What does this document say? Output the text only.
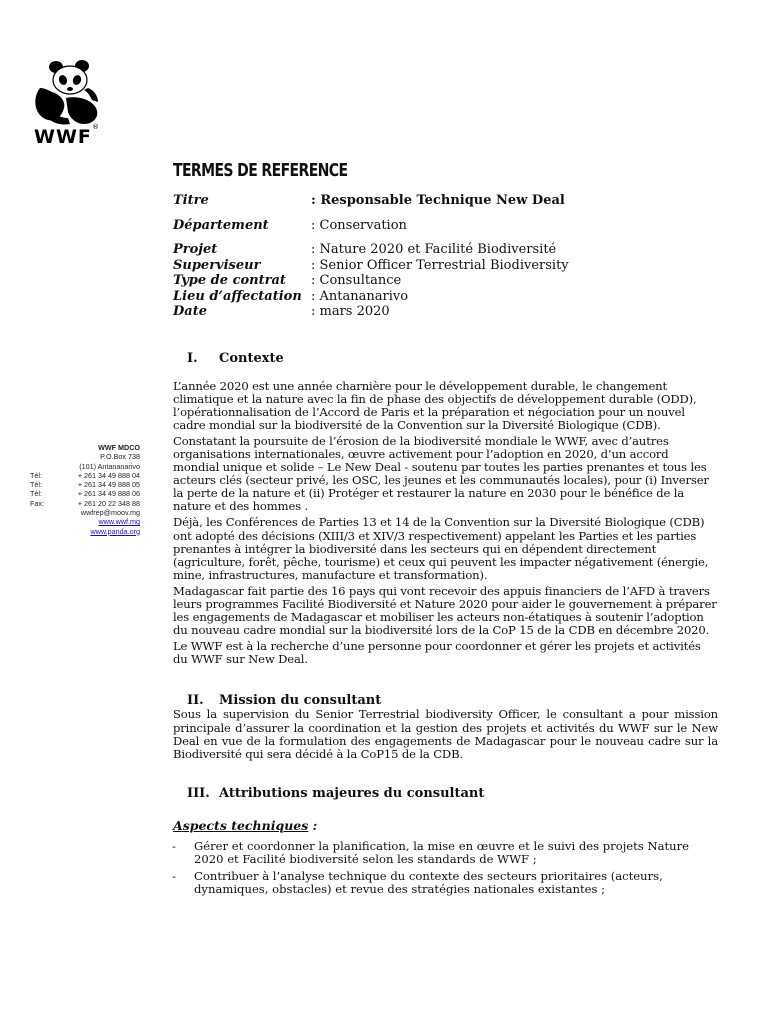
WWF ®
WWF MDCO
P.O.Box 738
(101) Antananarivo
Tél:	+ 261 34 49 888 04
Tél:	+ 261 34 49 888 05
Tél:	+ 261 34 49 888 06
Fax:	+ 261 20 22 348 88
wwfrep@moov.mg
www.wwf.mg
www.panda.org
TERMES DE REFERENCE
Titre	: Responsable Technique New Deal
Département	: Conservation
Projet	: Nature 2020 et Facilité Biodiversité
Superviseur	: Senior Officer Terrestrial Biodiversity
Type de contrat	: Consultance
Lieu d’affectation : Antananarivo
Date	: mars 2020
I.	Contexte

L’année 2020 est une année charnière pour le développement durable, le changement climatique et la nature avec la fin de phase des objectifs de développement durable (ODD), l’opérationnalisation de l’Accord de Paris et la préparation et négociation pour un nouvel cadre mondial sur la biodiversité de la Convention sur la Diversité Biologique (CDB).

Constatant la poursuite de l’érosion de la biodiversité mondiale le WWF, avec d’autres organisations internationales, œuvre activement pour l’adoption en 2020, d’un accord mondial unique et solide – Le New Deal - soutenu par toutes les parties prenantes et tous les acteurs clés (secteur privé, les OSC, les jeunes et les communautés locales), pour (i) Inverser la perte de la nature et (ii) Protéger et restaurer la nature en 2030 pour le bénéfice de la nature et des hommes .

Déjà, les Conférences de Parties 13 et 14 de la Convention sur la Diversité Biologique (CDB) ont adopté des décisions (XIII/3 et XIV/3 respectivement) appelant les Parties et les parties prenantes à intégrer la biodiversité dans les secteurs qui en dépendent directement (agriculture, forêt, pêche, tourisme) et ceux qui peuvent les impacter négativement (énergie, mine, infrastructures, manufacture et transformation).

Madagascar fait partie des 16 pays qui vont recevoir des appuis financiers de l’AFD à travers leurs programmes Facilité Biodiversité et Nature 2020 pour aider le gouvernement à préparer les engagements de Madagascar et mobiliser les acteurs non-étatiques à soutenir l’adoption du nouveau cadre mondial sur la biodiversité lors de la CoP 15 de la CDB en décembre 2020.

Le WWF est à la recherche d’une personne pour coordonner et gérer les projets et activités du WWF sur New Deal.

II.	Mission du consultant

Sous la supervision du Senior Terrestrial biodiversity Officer, le consultant a pour mission principale d’assurer la coordination et la gestion des projets et activités du WWF sur le New Deal en vue de la formulation des engagements de Madagascar pour le nouveau cadre sur la Biodiversité qui sera décidé à la CoP15 de la CDB.

III. Attributions majeures du consultant
Aspects techniques :
-	Gérer et coordonner la planification, la mise en œuvre et le suivi des projets Nature 2020 et Facilité biodiversité selon les standards de WWF ;
-	Contribuer à l’analyse technique du contexte des secteurs prioritaires (acteurs, dynamiques, obstacles) et revue des stratégies nationales existantes ;
